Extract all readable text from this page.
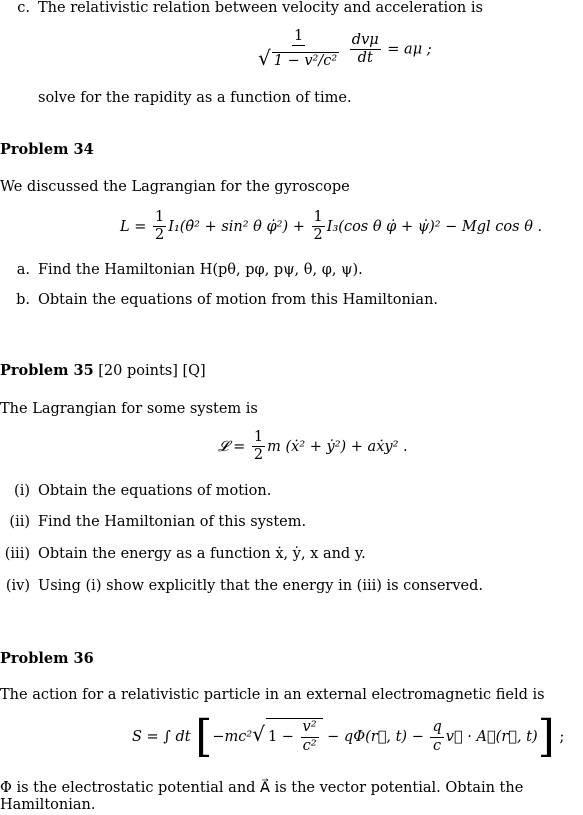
c. The relativistic relation between velocity and acceleration is
$\frac{1}{\text{√ 1 − v²/c²}}$
$\frac{\text{dvμ}}{dt} = a\mu$ ;
solve for the rapidity as a function of time.
Problem 34
We discussed the Lagrangian for the gyroscope
$L = \frac{1}{2}$ I₁(θ̇² + sin² θ φ̇²) + $\frac{1}{2} I_3(\cos$ θ φ̇ + ψ̇)² − Mgl cos θ .
a. Find the Hamiltonian H(pθ, pφ, pψ, θ, φ, ψ).
b. Obtain the equations of motion from this Hamiltonian.
Problem 35 [20 points] [Q]
The Lagrangian for some system is
𝓛 = $\frac{1}{2}$ m (ẋ² + ẏ²) + aẋy² .
(i) Obtain the equations of motion.
(ii) Find the Hamiltonian of this system.
(iii) Obtain the energy as a function ẋ, ẏ, x and y.
(iv) Using (i) show explicitly that the energy in (iii) is conserved.
Problem 36
The action for a relativistic particle in an external electromagnetic field is
S = ∫ dt [−mc²√ $1 - \frac{\text{v²}}{\text{c²}}$ − qΦ(r⃗, $t) - \frac{q}{c}$ v⃗ · A⃗(r⃗, t)] ;
Φ is the electrostatic potential and A⃗ is the vector potential. Obtain the Hamiltonian.
